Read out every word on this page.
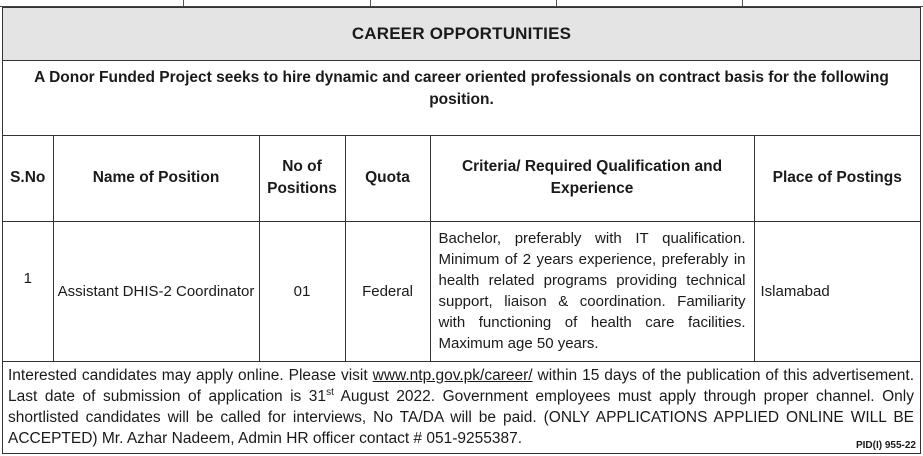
CAREER OPPORTUNITIES
A Donor Funded Project seeks to hire dynamic and career oriented professionals on contract basis for the following position.
S.No	Name of Position	No of Positions	Quota	Criteria/ Required Qualification and Experience	Place of Postings
1	Assistant DHIS-2 Coordinator	01	Federal	Bachelor, preferably with IT qualification. Minimum of 2 years experience, preferably in health related programs providing technical support, liaison & coordination. Familiarity with functioning of health care facilities. Maximum age 50 years.	Islamabad
Interested candidates may apply online. Please visit www.ntp.gov.pk/career/ within 15 days of the publication of this advertisement. Last date of submission of application is 31st August 2022. Government employees must apply through proper channel. Only shortlisted candidates will be called for interviews, No TA/DA will be paid. (ONLY APPLICATIONS APPLIED ONLINE WILL BE ACCEPTED) Mr. Azhar Nadeem, Admin HR officer contact # 051-9255387.	PID(I) 955-22
